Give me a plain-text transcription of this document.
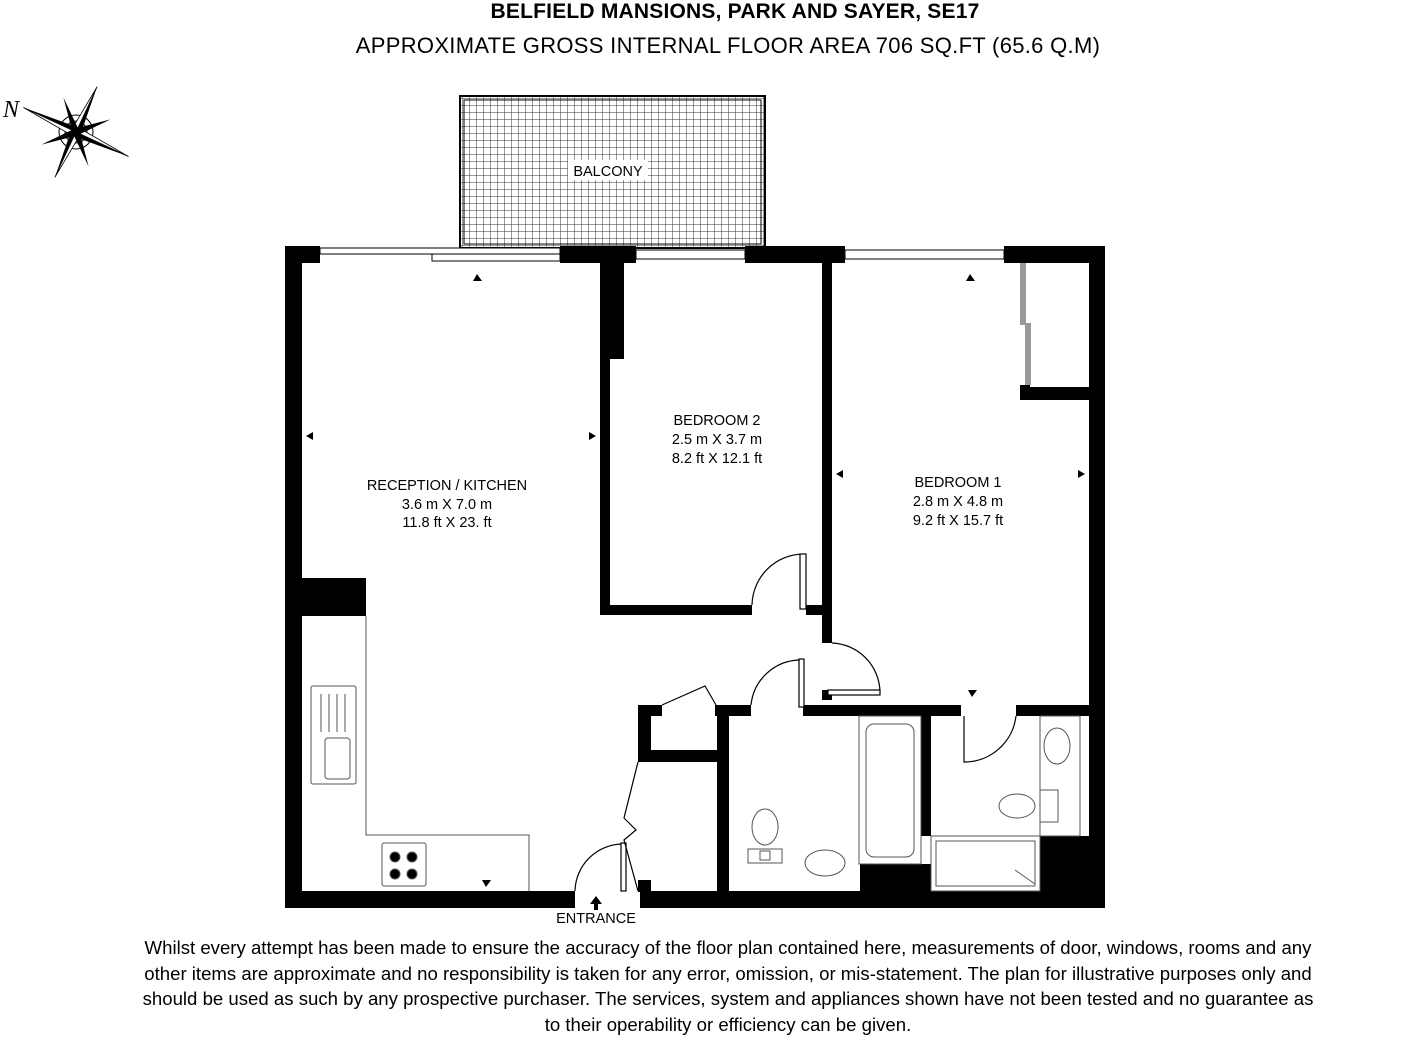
BELFIELD MANSIONS, PARK AND SAYER, SE17
APPROXIMATE GROSS INTERNAL FLOOR AREA 706 SQ.FT (65.6 Q.M)
N
BALCONY
RECEPTION / KITCHEN
3.6 m X 7.0 m
11.8 ft X 23. ft
BEDROOM 2
2.5 m X 3.7 m
8.2 ft X 12.1 ft
BEDROOM 1
2.8 m X 4.8 m
9.2 ft X 15.7 ft
ENTRANCE
Whilst every attempt has been made to ensure the accuracy of the floor plan contained here, measurements of door, windows, rooms and any
other items are approximate and no responsibility is taken for any error, omission, or mis-statement. The plan for illustrative purposes only and
should be used as such by any prospective purchaser. The services, system and appliances shown have not been tested and no guarantee as
to their operability or efficiency can be given.
